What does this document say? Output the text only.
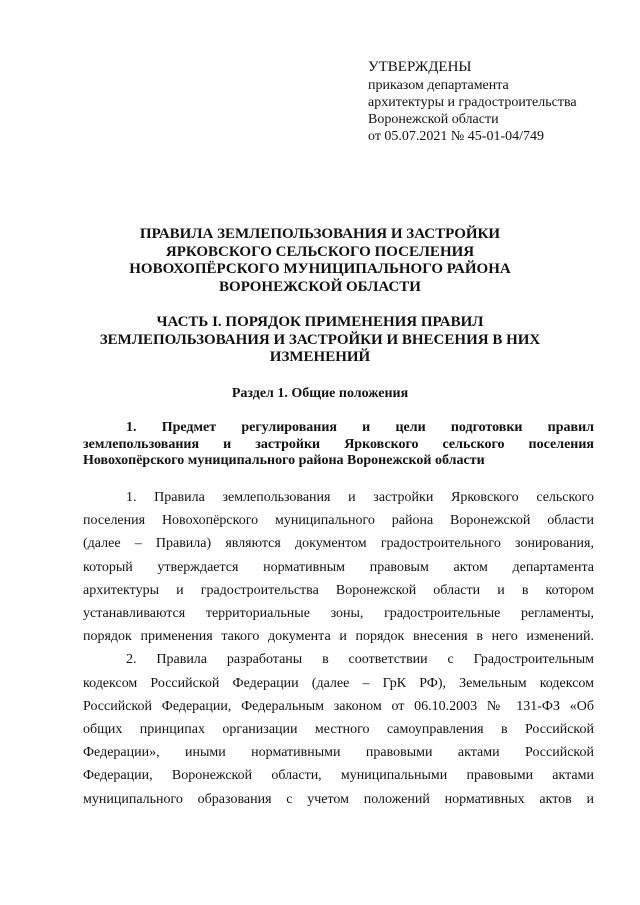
УТВЕРЖДЕНЫ
приказом департамента
архитектуры и градостроительства
Воронежской области
от 05.07.2021 № 45-01-04/749
ПРАВИЛА ЗЕМЛЕПОЛЬЗОВАНИЯ И ЗАСТРОЙКИ
ЯРКОВСКОГО СЕЛЬСКОГО ПОСЕЛЕНИЯ
НОВОХОПЁРСКОГО МУНИЦИПАЛЬНОГО РАЙОНА
ВОРОНЕЖСКОЙ ОБЛАСТИ
ЧАСТЬ I. ПОРЯДОК ПРИМЕНЕНИЯ ПРАВИЛ
ЗЕМЛЕПОЛЬЗОВАНИЯ И ЗАСТРОЙКИ И ВНЕСЕНИЯ В НИХ
ИЗМЕНЕНИЙ
Раздел 1. Общие положения
1. Предмет регулирования и цели подготовки правил
землепользования и застройки Ярковского сельского поселения
Новохопёрского муниципального района Воронежской области
1. Правила землепользования и застройки Ярковского сельского
поселения Новохопёрского муниципального района Воронежской области
(далее – Правила) являются документом градостроительного зонирования,
который утверждается нормативным правовым актом департамента
архитектуры и градостроительства Воронежской области и в котором
устанавливаются территориальные зоны, градостроительные регламенты,
порядок применения такого документа и порядок внесения в него изменений.
2. Правила разработаны в соответствии с Градостроительным
кодексом Российской Федерации (далее – ГрК РФ), Земельным кодексом
Российской Федерации, Федеральным законом от 06.10.2003 № 131-ФЗ «Об
общих принципах организации местного самоуправления в Российской
Федерации», иными нормативными правовыми актами Российской
Федерации, Воронежской области, муниципальными правовыми актами
муниципального образования с учетом положений нормативных актов и
